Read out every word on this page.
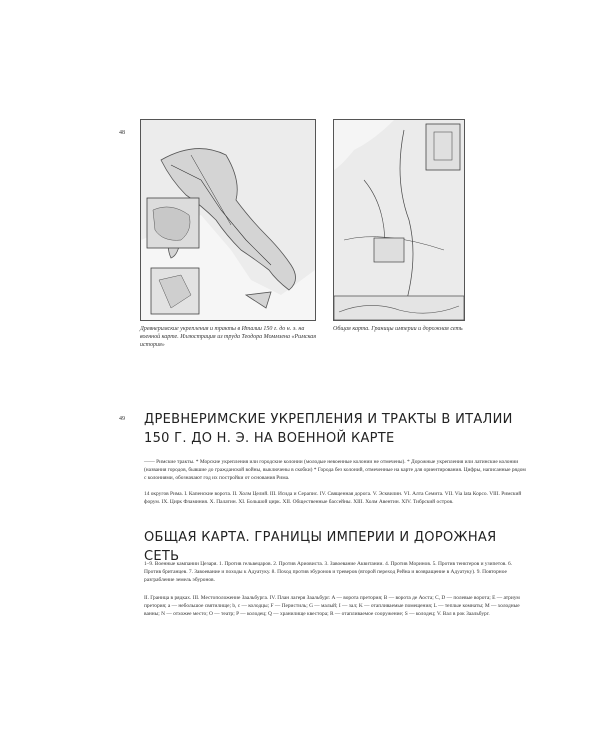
48
Древнеримские укрепления и тракты в Италии 150 г. до н. э. на военной карте. Иллюстрация из труда Теодора Моммзена «Римская история»
Общая карта. Границы империи и дорожная сеть
49 ДРЕВНЕРИМСКИЕ УКРЕПЛЕНИЯ И ТРАКТЫ В ИТАЛИИ 150 Г. ДО Н. Э. НА ВОЕННОЙ КАРТЕ

—— Римские тракты. * Морские укрепления или городские колонии (молодые невоенные колонии не отмечены). * Дорожные укрепления или латинские колонии (названия городов, бывшие до гражданской войны, выключены в скобки) * Города без колоний, отмеченные на карте для ориентирования. Цифры, написанные рядом с колониями, обозначают год их постройки от основания Рима.

14 округов Рима. I. Капенские ворота. II. Холм Целий. III. Исида и Серапис. IV. Священная дорога. V. Эсквилин. VI. Алта Семита. VII. Via lata Корсо. VIII. Римский форум. IX. Цирк Фламиния. X. Палатин. XI. Большой цирк. XII. Общественные бассейны. XIII. Холм Авентин. XIV. Тибрский остров.

ОБЩАЯ КАРТА. ГРАНИЦЫ ИМПЕРИИ И ДОРОЖНАЯ СЕТЬ

1–9. Военные кампании Цезаря. 1. Против гельвецаров. 2. Против Ариовиста. 3. Завоевание Аквитании. 4. Против Моринов. 5. Против тенктеров и узипетов. 6. Против британцев. 7. Завоевание и походы к Адуатуку. 8. Поход против эбуронов и треверов (второй переход Рейна и возвращение в Адуатуку). 9. Повторное разграбление земель эбуронов.

II. Граница в рядках. III. Местоположение Заальбурга. IV. План лагеря Заальбург. A — ворота претория; B — ворота де Аоста; C, D — полевые ворота; E — атриум претория; а — небольшое святилище; b, c — колодцы; F — Перистиль; G — малый; I — зал; K — отапливаемые помещения; L — теплые комнаты; M — холодные ванны; N — отхожее место; O — театр; P — колодец; Q — хранилище квестора; R — отапливаемое сооружение; S — колодец; V. Вал в рок Заальбург.
